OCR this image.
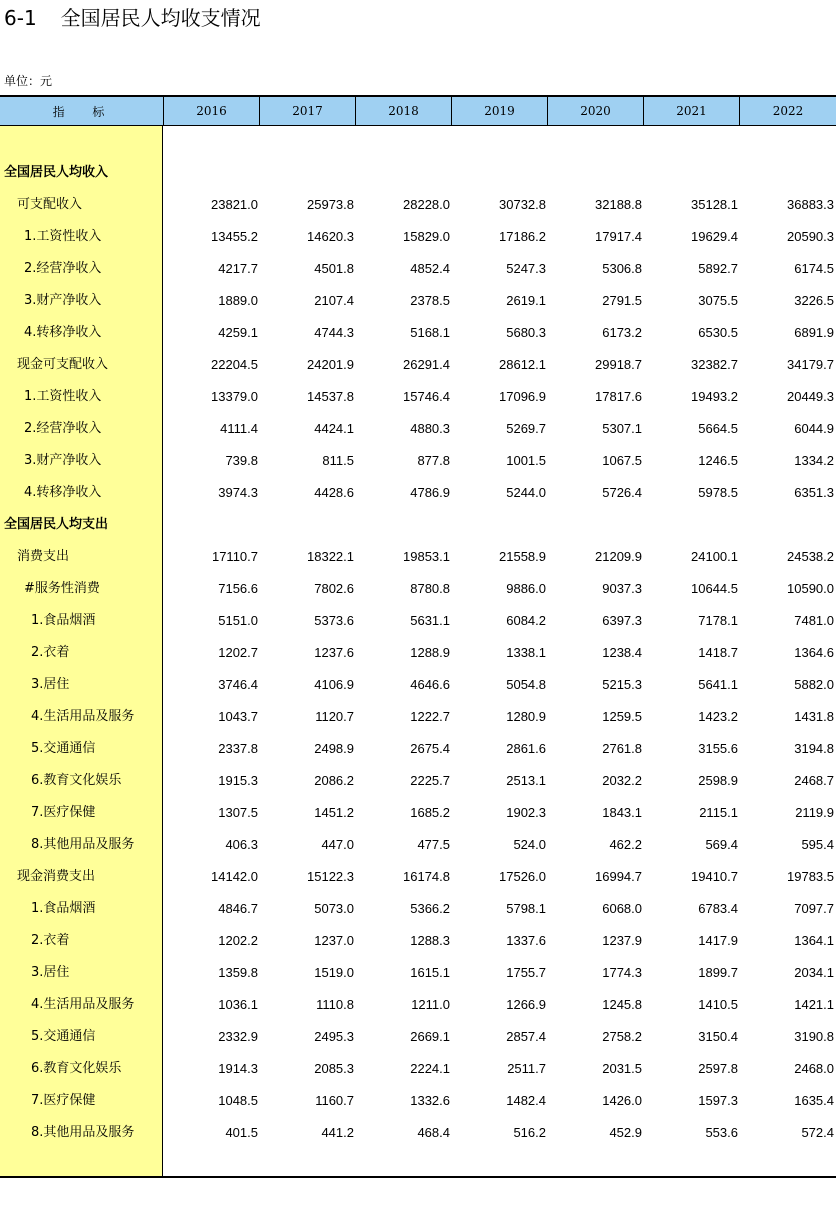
6-1 全国居民人均收支情况
单位：元
指 标	2016	2017	2018	2019	2020	2021	2022
全国居民人均收入
可支配收入	23821.0	25973.8	28228.0	30732.8	32188.8	35128.1	36883.3
1.工资性收入	13455.2	14620.3	15829.0	17186.2	17917.4	19629.4	20590.3
2.经营净收入	4217.7	4501.8	4852.4	5247.3	5306.8	5892.7	6174.5
3.财产净收入	1889.0	2107.4	2378.5	2619.1	2791.5	3075.5	3226.5
4.转移净收入	4259.1	4744.3	5168.1	5680.3	6173.2	6530.5	6891.9
现金可支配收入	22204.5	24201.9	26291.4	28612.1	29918.7	32382.7	34179.7
1.工资性收入	13379.0	14537.8	15746.4	17096.9	17817.6	19493.2	20449.3
2.经营净收入	4111.4	4424.1	4880.3	5269.7	5307.1	5664.5	6044.9
3.财产净收入	739.8	811.5	877.8	1001.5	1067.5	1246.5	1334.2
4.转移净收入	3974.3	4428.6	4786.9	5244.0	5726.4	5978.5	6351.3
全国居民人均支出
消费支出	17110.7	18322.1	19853.1	21558.9	21209.9	24100.1	24538.2
#服务性消费	7156.6	7802.6	8780.8	9886.0	9037.3	10644.5	10590.0
1.食品烟酒	5151.0	5373.6	5631.1	6084.2	6397.3	7178.1	7481.0
2.衣着	1202.7	1237.6	1288.9	1338.1	1238.4	1418.7	1364.6
3.居住	3746.4	4106.9	4646.6	5054.8	5215.3	5641.1	5882.0
4.生活用品及服务	1043.7	1120.7	1222.7	1280.9	1259.5	1423.2	1431.8
5.交通通信	2337.8	2498.9	2675.4	2861.6	2761.8	3155.6	3194.8
6.教育文化娱乐	1915.3	2086.2	2225.7	2513.1	2032.2	2598.9	2468.7
7.医疗保健	1307.5	1451.2	1685.2	1902.3	1843.1	2115.1	2119.9
8.其他用品及服务	406.3	447.0	477.5	524.0	462.2	569.4	595.4
现金消费支出	14142.0	15122.3	16174.8	17526.0	16994.7	19410.7	19783.5
1.食品烟酒	4846.7	5073.0	5366.2	5798.1	6068.0	6783.4	7097.7
2.衣着	1202.2	1237.0	1288.3	1337.6	1237.9	1417.9	1364.1
3.居住	1359.8	1519.0	1615.1	1755.7	1774.3	1899.7	2034.1
4.生活用品及服务	1036.1	1110.8	1211.0	1266.9	1245.8	1410.5	1421.1
5.交通通信	2332.9	2495.3	2669.1	2857.4	2758.2	3150.4	3190.8
6.教育文化娱乐	1914.3	2085.3	2224.1	2511.7	2031.5	2597.8	2468.0
7.医疗保健	1048.5	1160.7	1332.6	1482.4	1426.0	1597.3	1635.4
8.其他用品及服务	401.5	441.2	468.4	516.2	452.9	553.6	572.4
